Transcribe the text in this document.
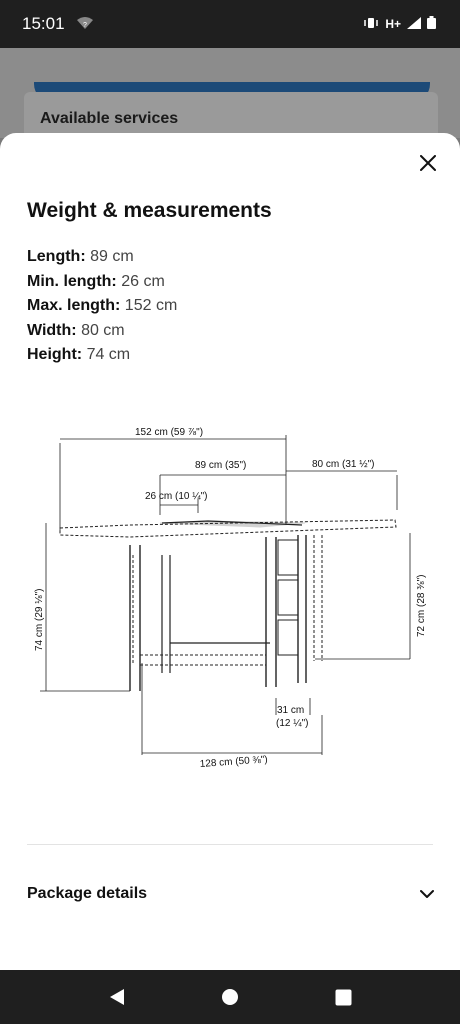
15:01	?	H+
Available services
Weight & measurements
Length: 89 cm
Min. length: 26 cm
Max. length: 152 cm
Width: 80 cm
Height: 74 cm
152 cm (59 ⅞")
89 cm (35")	80 cm (31 ½")
26 cm (10 ¼")
74 cm (29 ⅛")	72 cm (28 ⅜")
31 cm
(12 ¼")
128 cm (50 ⅜")
Package details
